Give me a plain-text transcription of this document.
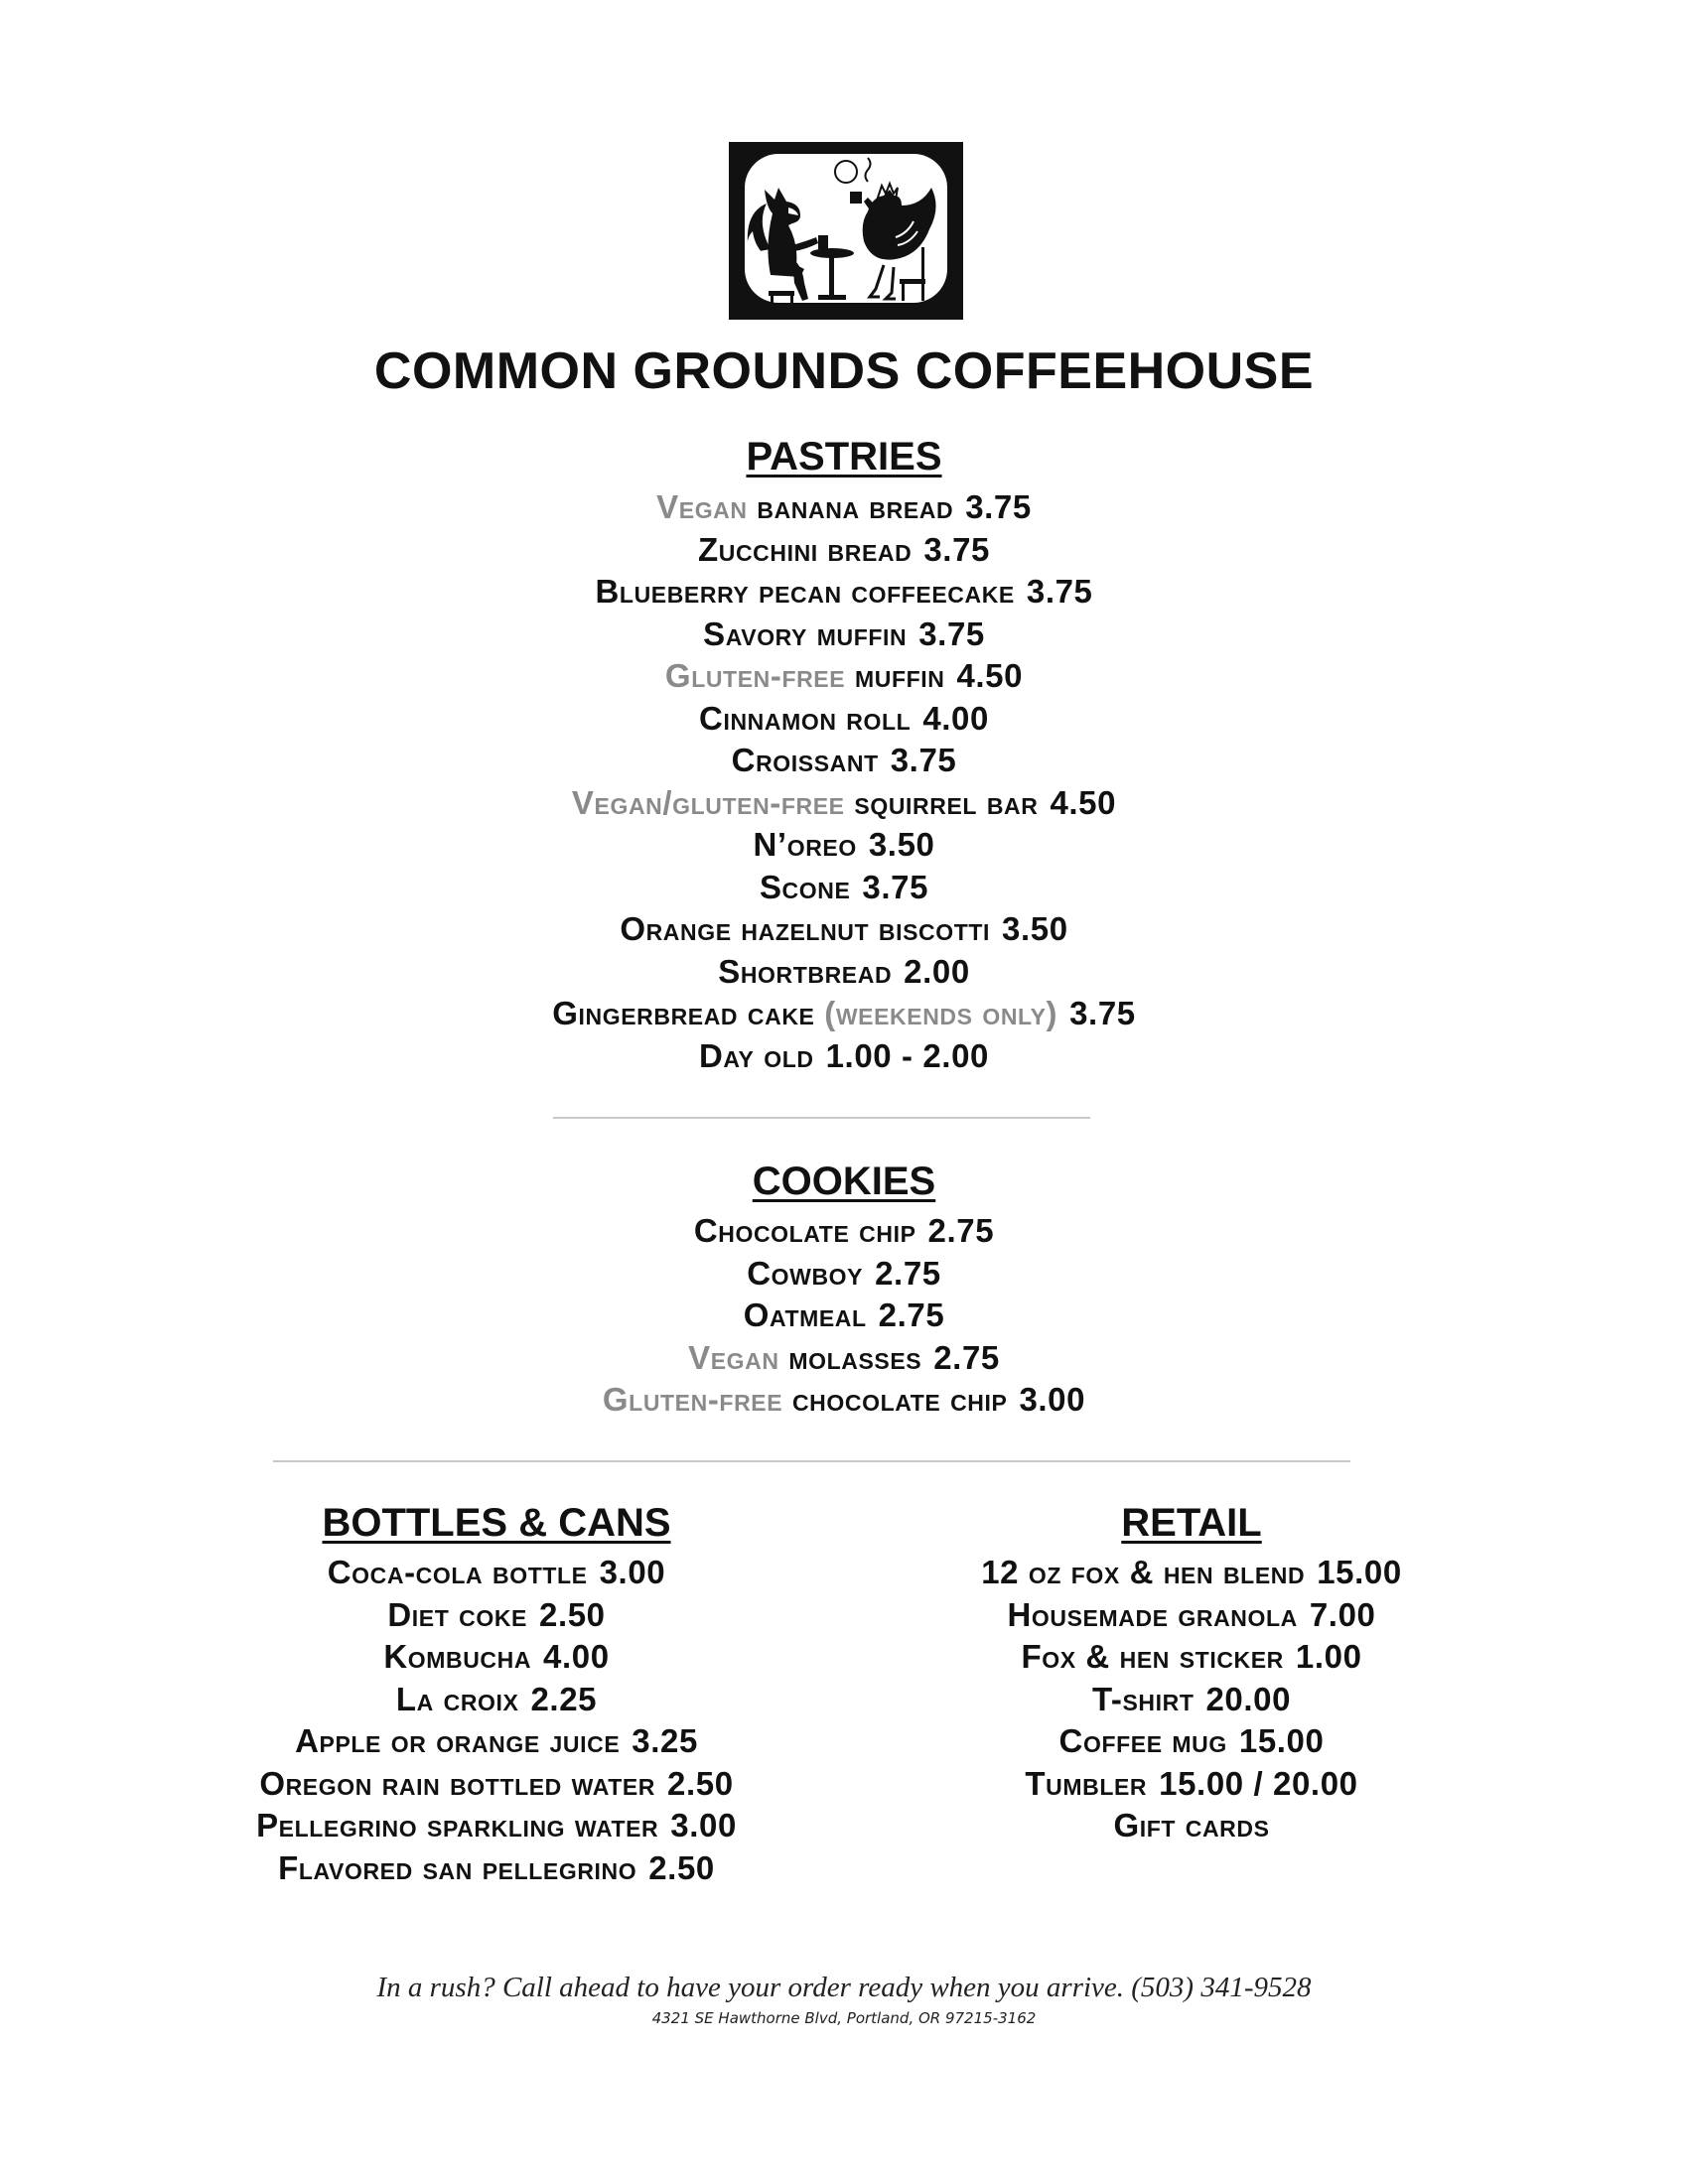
COMMON GROUNDS COFFEEHOUSE
PASTRIES
Vegan banana bread 3.75
Zucchini bread 3.75
Blueberry pecan coffeecake 3.75
Savory muffin 3.75
Gluten-free muffin 4.50
Cinnamon roll 4.00
Croissant 3.75
Vegan/gluten-free squirrel bar 4.50
N’oreo 3.50
Scone 3.75
Orange hazelnut biscotti 3.50
Shortbread 2.00
Gingerbread cake (weekends only) 3.75
Day old 1.00 - 2.00
COOKIES
Chocolate chip 2.75
Cowboy 2.75
Oatmeal 2.75
Vegan molasses 2.75
Gluten-free chocolate chip 3.00
BOTTLES & CANS
Coca-cola bottle 3.00
Diet coke 2.50
Kombucha 4.00
La croix 2.25
Apple or orange juice 3.25
Oregon rain bottled water 2.50
Pellegrino sparkling water 3.00
Flavored san pellegrino 2.50
RETAIL
12 oz fox & hen blend 15.00
Housemade granola 7.00
Fox & hen sticker 1.00
T-shirt 20.00
Coffee mug 15.00
Tumbler 15.00 / 20.00
Gift cards
In a rush? Call ahead to have your order ready when you arrive. (503) 341-9528
4321 SE Hawthorne Blvd, Portland, OR 97215-3162
